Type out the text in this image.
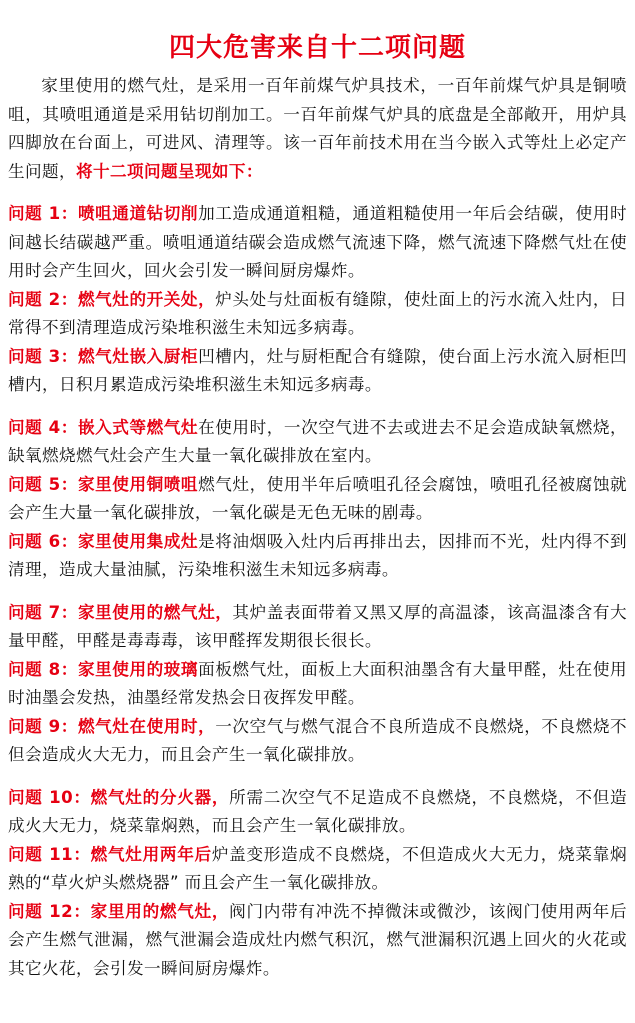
四大危害来自十二项问题

家里使用的燃气灶，是采用一百年前煤气炉具技术，一百年前煤气炉具是铜喷咀，其喷咀通道是采用钻切削加工。一百年前煤气炉具的底盘是全部敞开，用炉具四脚放在台面上，可进风、清理等。该一百年前技术用在当今嵌入式等灶上必定产生问题，将十二项问题呈现如下：

问题 1：喷咀通道钻切削加工造成通道粗糙，通道粗糙使用一年后会结碳，使用时间越长结碳越严重。喷咀通道结碳会造成燃气流速下降，燃气流速下降燃气灶在使用时会产生回火，回火会引发一瞬间厨房爆炸。

问题 2：燃气灶的开关处，炉头处与灶面板有缝隙，使灶面上的污水流入灶内，日常得不到清理造成污染堆积滋生未知远多病毒。

问题 3：燃气灶嵌入厨柜凹槽内，灶与厨柜配合有缝隙，使台面上污水流入厨柜凹槽内，日积月累造成污染堆积滋生未知远多病毒。

问题 4：嵌入式等燃气灶在使用时，一次空气进不去或进去不足会造成缺氧燃烧，缺氧燃烧燃气灶会产生大量一氧化碳排放在室内。

问题 5：家里使用铜喷咀燃气灶，使用半年后喷咀孔径会腐蚀，喷咀孔径被腐蚀就会产生大量一氧化碳排放，一氧化碳是无色无味的剧毒。

问题 6：家里使用集成灶是将油烟吸入灶内后再排出去，因排而不光，灶内得不到清理，造成大量油腻，污染堆积滋生未知远多病毒。

问题 7：家里使用的燃气灶，其炉盖表面带着又黑又厚的高温漆，该高温漆含有大量甲醛，甲醛是毒毒毒，该甲醛挥发期很长很长。

问题 8：家里使用的玻璃面板燃气灶，面板上大面积油墨含有大量甲醛，灶在使用时油墨会发热，油墨经常发热会日夜挥发甲醛。

问题 9：燃气灶在使用时，一次空气与燃气混合不良所造成不良燃烧，不良燃烧不但会造成火大无力，而且会产生一氧化碳排放。

问题 10：燃气灶的分火器，所需二次空气不足造成不良燃烧，不良燃烧，不但造成火大无力，烧菜靠焖熟，而且会产生一氧化碳排放。

问题 11：燃气灶用两年后炉盖变形造成不良燃烧，不但造成火大无力，烧菜靠焖熟的“草火炉头燃烧器” 而且会产生一氧化碳排放。

问题 12：家里用的燃气灶，阀门内带有冲洗不掉微沫或微沙，该阀门使用两年后会产生燃气泄漏，燃气泄漏会造成灶内燃气积沉，燃气泄漏积沉遇上回火的火花或其它火花，会引发一瞬间厨房爆炸。
